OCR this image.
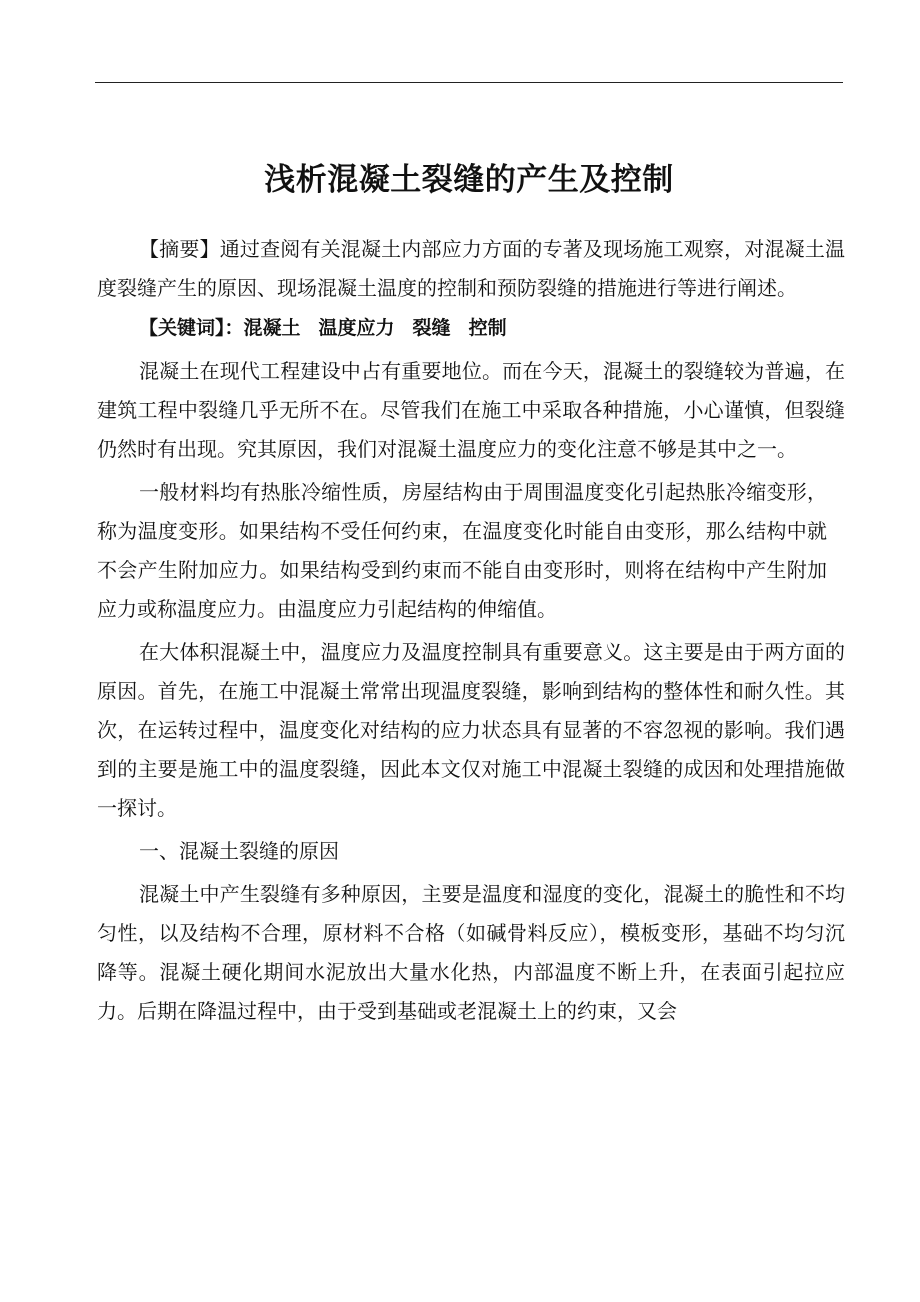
浅析混凝土裂缝的产生及控制

【摘要】通过查阅有关混凝土内部应力方面的专著及现场施工观察，对混凝土温度裂缝产生的原因、现场混凝土温度的控制和预防裂缝的措施进行等进行阐述。

【关键词】：混凝土 温度应力 裂缝 控制

混凝土在现代工程建设中占有重要地位。而在今天，混凝土的裂缝较为普遍，在建筑工程中裂缝几乎无所不在。尽管我们在施工中采取各种措施，小心谨慎，但裂缝仍然时有出现。究其原因，我们对混凝土温度应力的变化注意不够是其中之一。

一般材料均有热胀冷缩性质，房屋结构由于周围温度变化引起热胀冷缩变形，称为温度变形。如果结构不受任何约束，在温度变化时能自由变形，那么结构中就不会产生附加应力。如果结构受到约束而不能自由变形时，则将在结构中产生附加应力或称温度应力。由温度应力引起结构的伸缩值。

在大体积混凝土中，温度应力及温度控制具有重要意义。这主要是由于两方面的原因。首先，在施工中混凝土常常出现温度裂缝，影响到结构的整体性和耐久性。其次，在运转过程中，温度变化对结构的应力状态具有显著的不容忽视的影响。我们遇到的主要是施工中的温度裂缝，因此本文仅对施工中混凝土裂缝的成因和处理措施做一探讨。

一、混凝土裂缝的原因

混凝土中产生裂缝有多种原因，主要是温度和湿度的变化，混凝土的脆性和不均匀性，以及结构不合理，原材料不合格（如碱骨料反应），模板变形，基础不均匀沉降等。混凝土硬化期间水泥放出大量水化热，内部温度不断上升，在表面引起拉应力。后期在降温过程中，由于受到基础或老混凝土上的约束，又会
